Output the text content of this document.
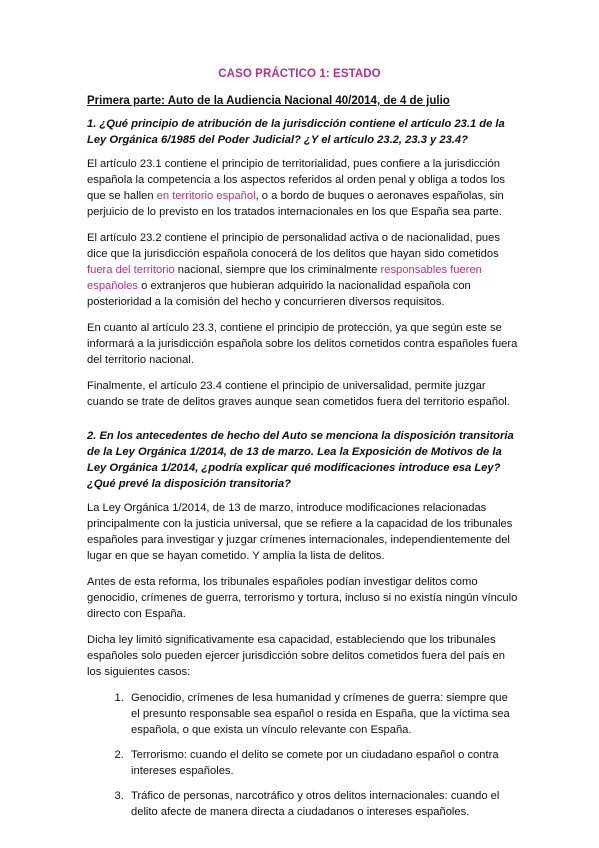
CASO PRÁCTICO 1: ESTADO
Primera parte: Auto de la Audiencia Nacional 40/2014, de 4 de julio

1. ¿Qué principio de atribución de la jurisdicción contiene el artículo 23.1 de la Ley Orgánica 6/1985 del Poder Judicial? ¿Y el artículo 23.2, 23.3 y 23.4?

El artículo 23.1 contiene el principio de territorialidad, pues confiere a la jurisdicción española la competencia a los aspectos referidos al orden penal y obliga a todos los que se hallen en territorio español, o a bordo de buques o aeronaves españolas, sin perjuicio de lo previsto en los tratados internacionales en los que España sea parte.

El artículo 23.2 contiene el principio de personalidad activa o de nacionalidad, pues dice que la jurisdicción española conocerá de los delitos que hayan sido cometidos fuera del territorio nacional, siempre que los criminalmente responsables fueren españoles o extranjeros que hubieran adquirido la nacionalidad española con posterioridad a la comisión del hecho y concurrieren diversos requisitos.

En cuanto al artículo 23.3, contiene el principio de protección, ya que según este se informará a la jurisdicción española sobre los delitos cometidos contra españoles fuera del territorio nacional.

Finalmente, el artículo 23.4 contiene el principio de universalidad, permite juzgar cuando se trate de delitos graves aunque sean cometidos fuera del territorio español.

2. En los antecedentes de hecho del Auto se menciona la disposición transitoria de la Ley Orgánica 1/2014, de 13 de marzo. Lea la Exposición de Motivos de la Ley Orgánica 1/2014, ¿podría explicar qué modificaciones introduce esa Ley? ¿Qué prevé la disposición transitoria?

La Ley Orgánica 1/2014, de 13 de marzo, introduce modificaciones relacionadas principalmente con la justicia universal, que se refiere a la capacidad de los tribunales españoles para investigar y juzgar crímenes internacionales, independientemente del lugar en que se hayan cometido. Y amplia la lista de delitos.

Antes de esta reforma, los tribunales españoles podían investigar delitos como genocidio, crímenes de guerra, terrorismo y tortura, incluso si no existía ningún vínculo directo con España.

Dicha ley limitó significativamente esa capacidad, estableciendo que los tribunales españoles solo pueden ejercer jurisdicción sobre delitos cometidos fuera del país en los siguientes casos:

1. Genocidio, crímenes de lesa humanidad y crímenes de guerra: siempre que el presunto responsable sea español o resida en España, que la víctima sea española, o que exista un vínculo relevante con España.
2. Terrorismo: cuando el delito se comete por un ciudadano español o contra intereses españoles.
3. Tráfico de personas, narcotráfico y otros delitos internacionales: cuando el delito afecte de manera directa a ciudadanos o intereses españoles.
